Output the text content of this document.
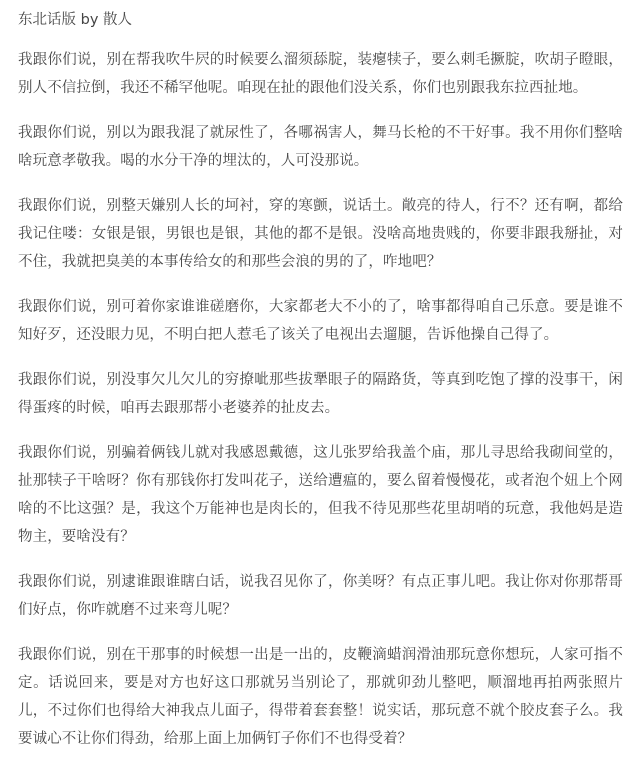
东北话版 by 散人

我跟你们说，别在帮我吹牛屄的时候要么溜须舔腚，装瘪犊子，要么刺毛撅腚，吹胡子瞪眼，别人不信拉倒，我还不稀罕他呢。咱现在扯的跟他们没关系，你们也别跟我东拉西扯地。

我跟你们说，别以为跟我混了就尿性了，各哪祸害人，舞马长枪的不干好事。我不用你们整啥啥玩意孝敬我。喝的水分干净的埋汰的，人可没那说。

我跟你们说，别整天嫌别人长的坷衬，穿的寒颤，说话土。敞亮的待人，行不？还有啊，都给我记住喽：女银是银，男银也是银，其他的都不是银。没啥高地贵贱的，你要非跟我掰扯，对不住，我就把臭美的本事传给女的和那些会浪的男的了，咋地吧？

我跟你们说，别可着你家谁谁磋磨你，大家都老大不小的了，啥事都得咱自己乐意。要是谁不知好歹，还没眼力见，不明白把人惹毛了该关了电视出去遛腿，告诉他操自己得了。

我跟你们说，别没事欠儿欠儿的穷撩呲那些拔犟眼子的隔路货，等真到吃饱了撑的没事干，闲得蛋疼的时候，咱再去跟那帮小老婆养的扯皮去。

我跟你们说，别骗着俩钱儿就对我感恩戴德，这儿张罗给我盖个庙，那儿寻思给我砌间堂的，扯那犊子干啥呀？你有那钱你打发叫花子，送给遭瘟的，要么留着慢慢花，或者泡个妞上个网啥的不比这强？是，我这个万能神也是肉长的，但我不待见那些花里胡哨的玩意，我他妈是造物主，要啥没有？

我跟你们说，别逮谁跟谁瞎白话，说我召见你了，你美呀？有点正事儿吧。我让你对你那帮哥们好点，你咋就磨不过来弯儿呢？

我跟你们说，别在干那事的时候想一出是一出的，皮鞭滴蜡润滑油那玩意你想玩，人家可指不定。话说回来，要是对方也好这口那就另当别论了，那就卯劲儿整吧，顺溜地再拍两张照片儿，不过你们也得给大神我点儿面子，得带着套套整！说实话，那玩意不就个胶皮套子么。我要诚心不让你们得劲，给那上面上加俩钉子你们不也得受着？
